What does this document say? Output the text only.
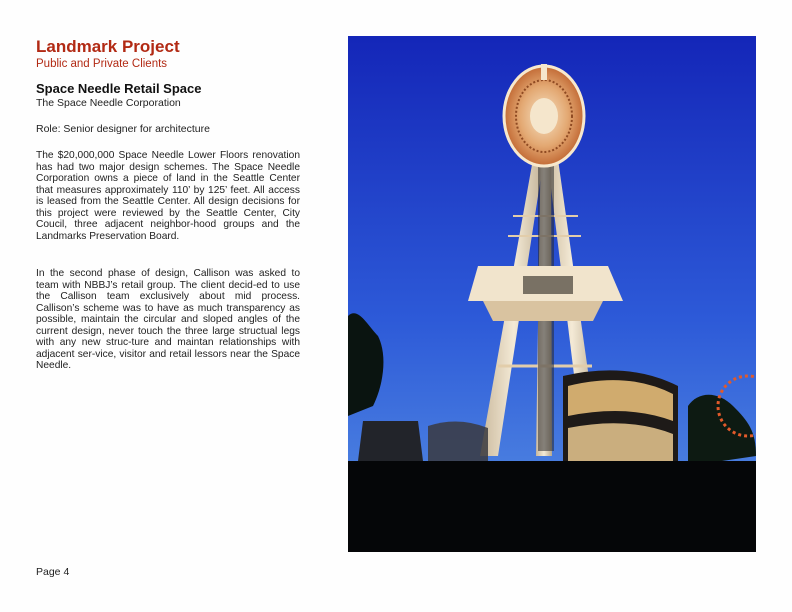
Landmark Project
Public and Private Clients
Space Needle Retail Space
The Space Needle Corporation
Role: Senior designer for architecture

The $20,000,000 Space Needle Lower Floors renovation has had two major design schemes. The Space Needle Corporation owns a piece of land in the Seattle Center that measures approximately 110’ by 125’ feet. All access is leased from the Seattle Center. All design decisions for this project were reviewed by the Seattle Center, City Coucil, three adjacent neighbor-hood groups and the Landmarks Preservation Board.

In the second phase of design, Callison was asked to team with NBBJ’s retail group. The client decid-ed to use the Callison team exclusively about mid process. Callison’s scheme was to have as much transparency as possible, maintain the circular and sloped angles of the current design, never touch the three large structual legs with any new struc-ture and maintan relationships with adjacent ser-vice, visitor and retail lessors near the Space Needle.

Page 4
